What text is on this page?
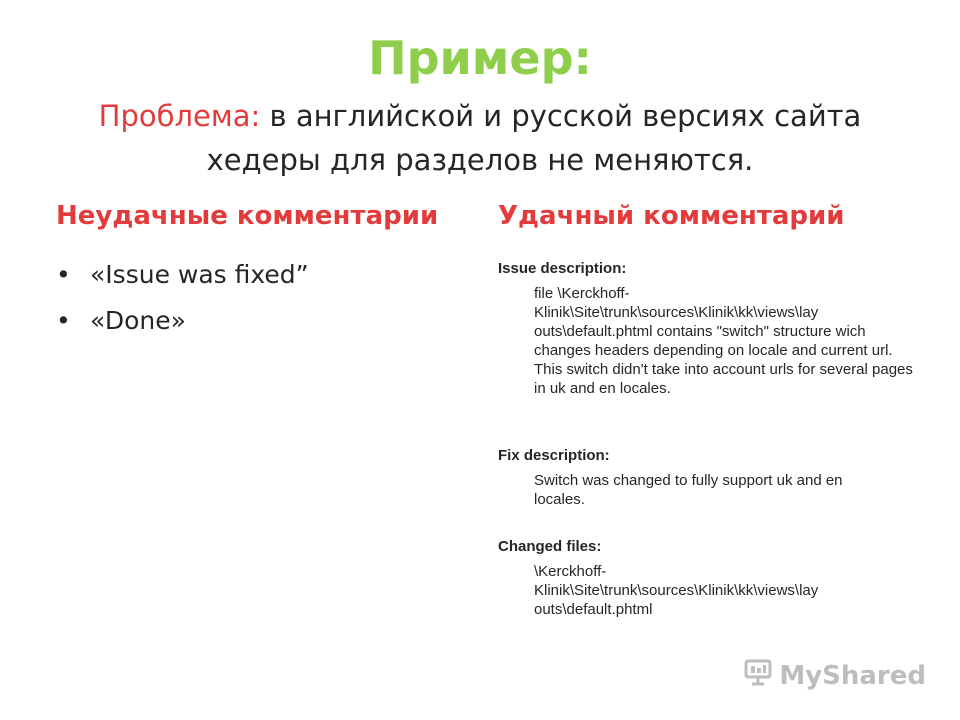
Пример:
Проблема: в английской и русской версиях сайта хедеры для разделов не меняются.
Неудачные комментарии
• «Issue was fixed”
• «Done»
Удачный комментарий
Issue description:
file \Kerckhoff-
Klinik\Site\trunk\sources\Klinik\kk\views\lay
outs\default.phtml contains "switch" structure wich changes headers depending on locale and current url. This switch didn't take into account urls for several pages in uk and en locales.
Fix description:
Switch was changed to fully support uk and en locales.
Changed files:
\Kerckhoff-
Klinik\Site\trunk\sources\Klinik\kk\views\lay
outs\default.phtml
MyShared
